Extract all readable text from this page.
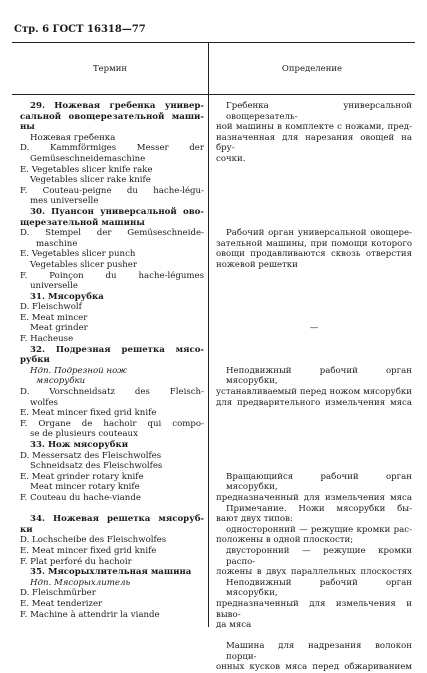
Стр. 6 ГОСТ 16318—77
Термин	Определение
29. Ножевая гребенка универ-
сальной овощерезательной маши-
ны
Ножевая гребенка
D. Kammförmiges Messer der
Gemüseschneidemaschine
E. Vegetables slicer knife rake
Vegetables slicer rake knife
F. Couteau-peigne du hache-légu-
mes universelle
30. Пуансон универсальной ово-
щерезательной машины
D. Stempel der Gemüseschneide-
maschine
E. Vegetables slicer punch
Vegetables slicer pusher
F. Poinçon du hache-légumes
universelle
31. Мясорубка
D. Fleischwolf
E. Meat mincer
Meat grinder
F. Hacheuse
32. Подрезная решетка мясо-
рубки
Ндп. Подрезной нож
мясорубки
D. Vorschneidsatz des Fleisch-
wolfes
E. Meat mincer fixed grid knife
F. Organe de hachoir qui compo-
se de plusieurs couteaux
33. Нож мясорубки
D. Messersatz des Fleischwolfes
Schneidsatz des Fleischwolfes
E. Meat grinder rotary knife
Meat mincer rotary knife
F. Couteau du hache-viande

34. Ножевая решетка мясоруб-
ки
D. Lochscheibe des Fleischwolfes
E. Meat mincer fixed grid knife
F. Plat perforé du hachoir
35. Мясорыхлительная машина
Ндп. Мясорыхлитель
D. Fleischmürber
E. Meat tenderizer
F. Machine à attendrir la viande
Гребенка универсальной овощерезатель-
ной машины в комплекте с ножами, пред-
назначенная для нарезания овощей на бру-
сочки.

Рабочий орган универсальной овощере-
зательной машины, при помощи которого
овощи продавливаются сквозь отверстия
ножевой решетки

—

Неподвижный рабочий орган мясорубки,
устанавливаемый перед ножом мясорубки
для предварительного измельчения мяса

Вращающийся рабочий орган мясорубки,
предназначенный для измельчения мяса
Примечание. Ножи мясорубки бы-
вают двух типов:
односторонний — режущие кромки рас-
положены в одной плоскости;
двусторонний — режущие кромки распо-
ложены в двух параллельных плоскостях
Неподвижный рабочий орган мясорубки,
предназначенный для измельчения и выво-
да мяса

Машина для надрезания волокон порци-
онных кусков мяса перед обжариванием
